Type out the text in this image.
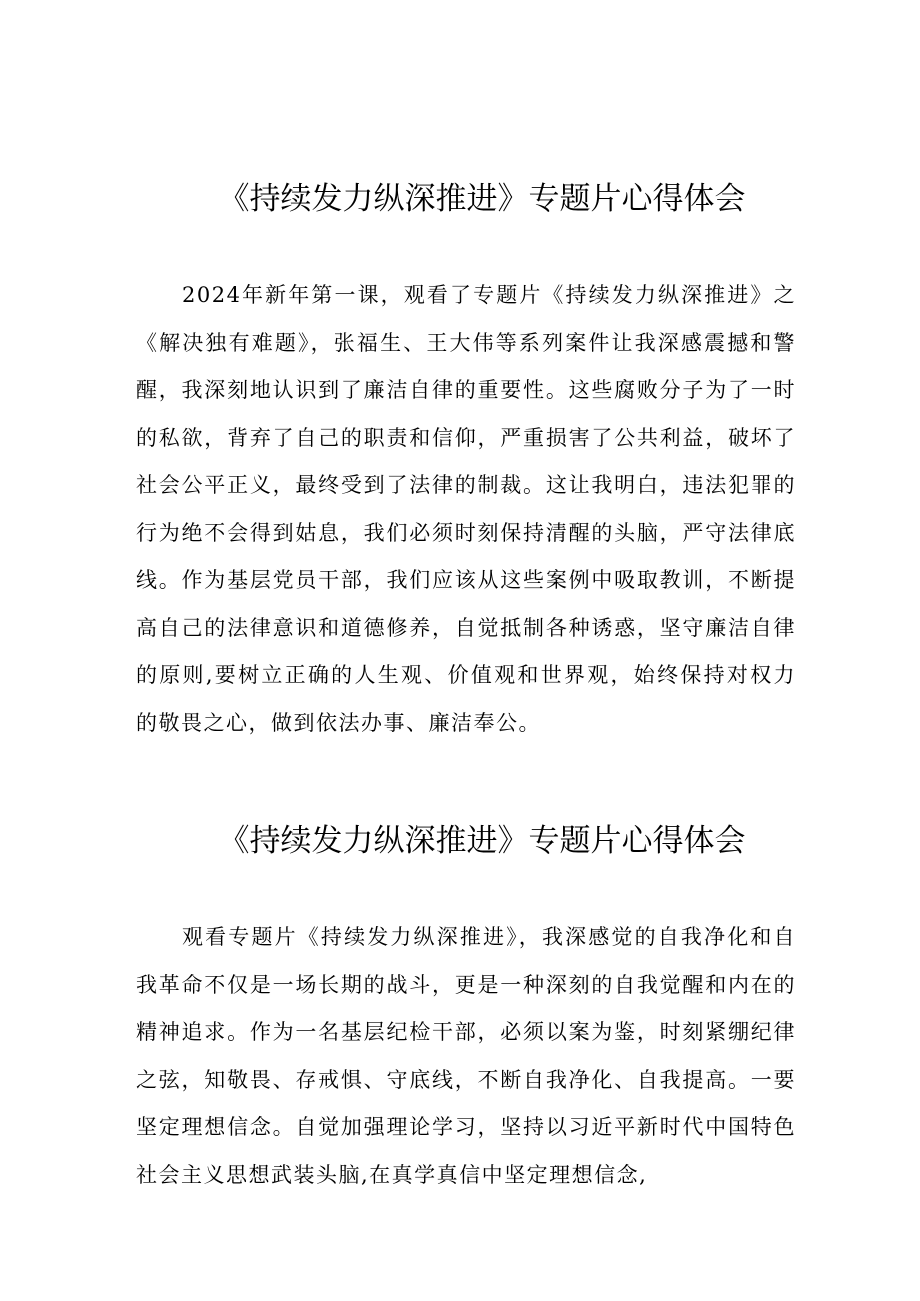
《持续发力纵深推进》专题片心得体会

2024年新年第一课，观看了专题片《持续发力纵深推进》之《解决独有难题》，张福生、王大伟等系列案件让我深感震撼和警醒，我深刻地认识到了廉洁自律的重要性。这些腐败分子为了一时的私欲，背弃了自己的职责和信仰，严重损害了公共利益，破坏了社会公平正义，最终受到了法律的制裁。这让我明白，违法犯罪的行为绝不会得到姑息，我们必须时刻保持清醒的头脑，严守法律底线。作为基层党员干部，我们应该从这些案例中吸取教训，不断提高自己的法律意识和道德修养，自觉抵制各种诱惑，坚守廉洁自律的原则,要树立正确的人生观、价值观和世界观，始终保持对权力的敬畏之心，做到依法办事、廉洁奉公。

《持续发力纵深推进》专题片心得体会

观看专题片《持续发力纵深推进》，我深感觉的自我净化和自我革命不仅是一场长期的战斗，更是一种深刻的自我觉醒和内在的精神追求。作为一名基层纪检干部，必须以案为鉴，时刻紧绷纪律之弦，知敬畏、存戒惧、守底线，不断自我净化、自我提高。一要坚定理想信念。自觉加强理论学习，坚持以习近平新时代中国特色社会主义思想武装头脑,在真学真信中坚定理想信念,
